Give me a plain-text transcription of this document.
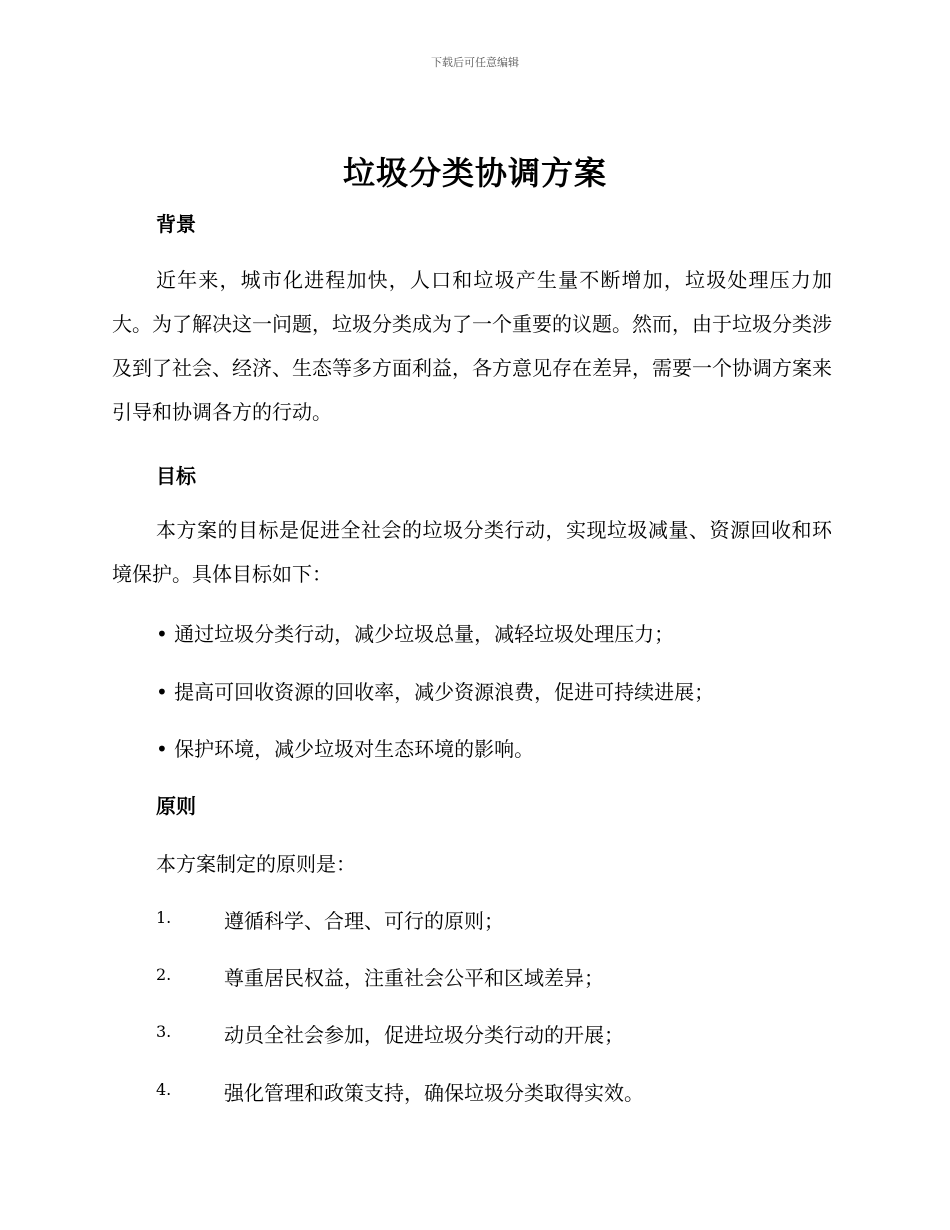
下载后可任意编辑
垃圾分类协调方案
背景
近年来，城市化进程加快，人口和垃圾产生量不断增加，垃圾处理压力加大。为了解决这一问题，垃圾分类成为了一个重要的议题。然而，由于垃圾分类涉及到了社会、经济、生态等多方面利益，各方意见存在差异，需要一个协调方案来引导和协调各方的行动。
目标
本方案的目标是促进全社会的垃圾分类行动，实现垃圾减量、资源回收和环境保护。具体目标如下：
• 通过垃圾分类行动，减少垃圾总量，减轻垃圾处理压力；
• 提高可回收资源的回收率，减少资源浪费，促进可持续进展；
• 保护环境，减少垃圾对生态环境的影响。
原则
本方案制定的原则是：
1.	遵循科学、合理、可行的原则；
2.	尊重居民权益，注重社会公平和区域差异；
3.	动员全社会参加，促进垃圾分类行动的开展；
4.	强化管理和政策支持，确保垃圾分类取得实效。
